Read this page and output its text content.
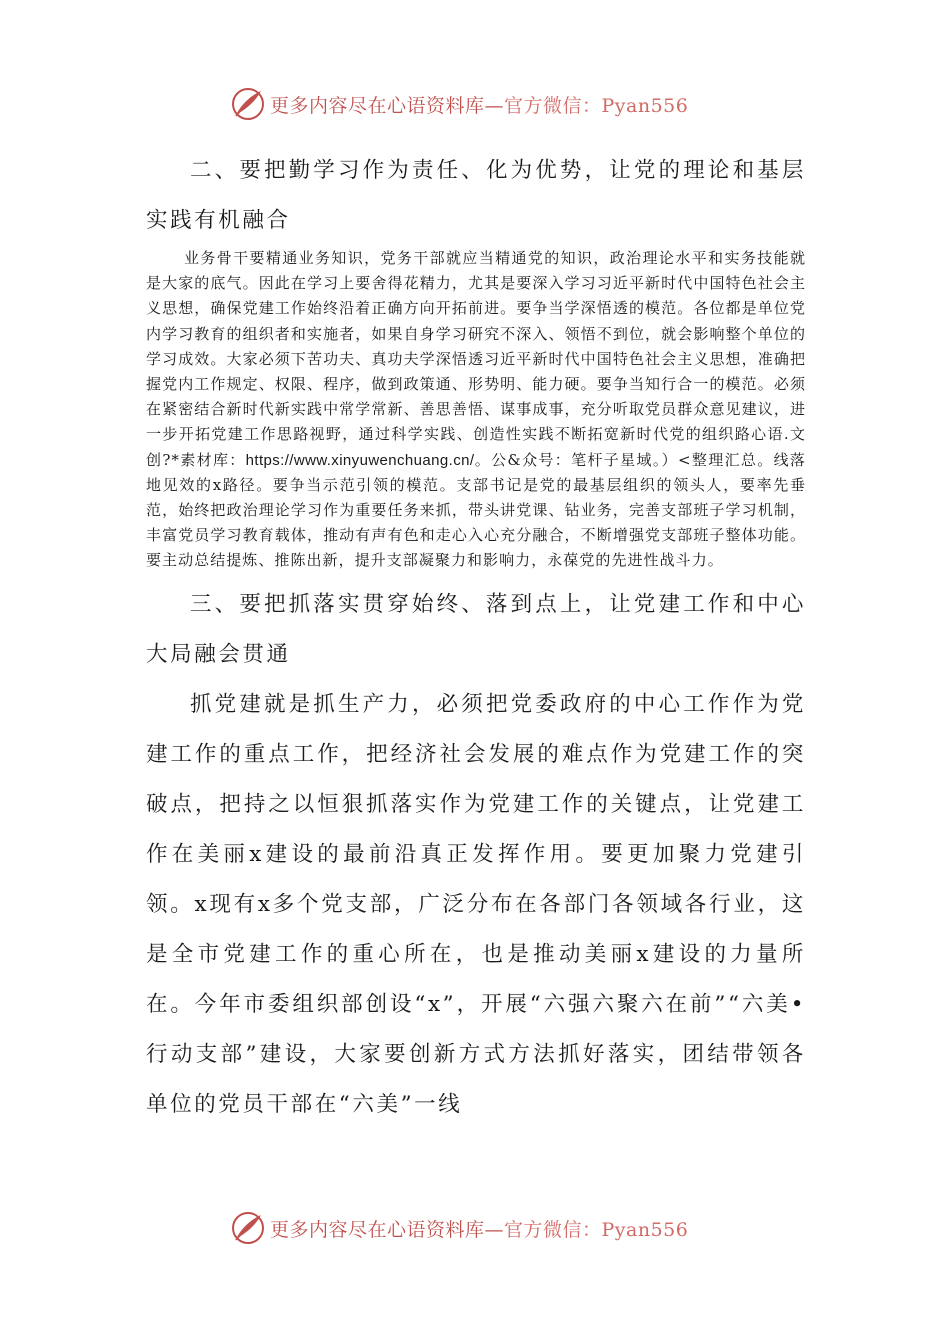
更多内容尽在心语资料库—官方微信：Pyan556

二、要把勤学习作为责任、化为优势，让党的理论和基层实践有机融合

业务骨干要精通业务知识，党务干部就应当精通党的知识，政治理论水平和实务技能就是大家的底气。因此在学习上要舍得花精力，尤其是要深入学习习近平新时代中国特色社会主义思想，确保党建工作始终沿着正确方向开拓前进。要争当学深悟透的模范。各位都是单位党内学习教育的组织者和实施者，如果自身学习研究不深入、领悟不到位，就会影响整个单位的学习成效。大家必须下苦功夫、真功夫学深悟透习近平新时代中国特色社会主义思想，准确把握党内工作规定、权限、程序，做到政策通、形势明、能力硬。要争当知行合一的模范。必须在紧密结合新时代新实践中常学常新、善思善悟、谋事成事，充分听取党员群众意见建议，进一步开拓党建工作思路视野，通过科学实践、创造性实践不断拓宽新时代党的组织路心语.文创?*素材库：https://www.xinyuwenchuang.cn/。公&众号：笔杆子星域。）<整理汇总。线落地见效的x路径。要争当示范引领的模范。支部书记是党的最基层组织的领头人，要率先垂范，始终把政治理论学习作为重要任务来抓，带头讲党课、钻业务，完善支部班子学习机制，丰富党员学习教育载体，推动有声有色和走心入心充分融合，不断增强党支部班子整体功能。要主动总结提炼、推陈出新，提升支部凝聚力和影响力，永葆党的先进性战斗力。

三、要把抓落实贯穿始终、落到点上，让党建工作和中心大局融会贯通

抓党建就是抓生产力，必须把党委政府的中心工作作为党建工作的重点工作，把经济社会发展的难点作为党建工作的突破点，把持之以恒狠抓落实作为党建工作的关键点，让党建工作在美丽x建设的最前沿真正发挥作用。要更加聚力党建引领。x现有x多个党支部，广泛分布在各部门各领域各行业，这是全市党建工作的重心所在，也是推动美丽x建设的力量所在。今年市委组织部创设“x”，开展“六强六聚六在前”“六美•行动支部”建设，大家要创新方式方法抓好落实，团结带领各单位的党员干部在“六美”一线

更多内容尽在心语资料库—官方微信：Pyan556
